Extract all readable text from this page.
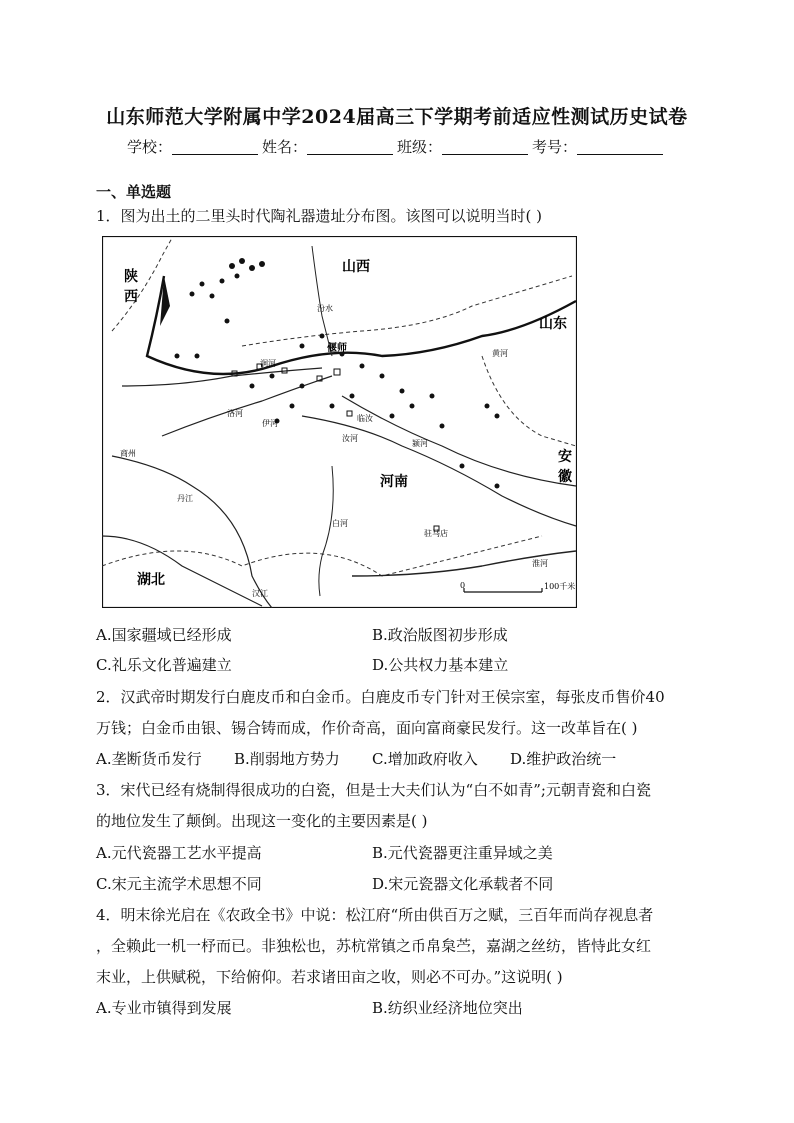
山东师范大学附属中学2024届高三下学期考前适应性测试历史试卷
学校：	姓名：	班级：	考号：
一、单选题
1．图为出土的二里头时代陶礼器遗址分布图。该图可以说明当时( )
陕
西
山西
山东
河南
安
徽
湖北
偃师
临汝
驻马店
洛河
伊河
黄河
汾水
颍河
汝河
淮河
丹江
汉江
白河
商州
涧河
0	100千米
A.国家疆域已经形成	B.政治版图初步形成
C.礼乐文化普遍建立	D.公共权力基本建立
2．汉武帝时期发行白鹿皮币和白金币。白鹿皮币专门针对王侯宗室，每张皮币售价40
万钱；白金币由银、锡合铸而成，作价奇高，面向富商豪民发行。这一改革旨在( )
A.垄断货币发行 B.削弱地方势力 C.增加政府收入 D.维护政治统一
3．宋代已经有烧制得很成功的白瓷，但是士大夫们认为“白不如青”;元朝青瓷和白瓷
的地位发生了颠倒。出现这一变化的主要因素是( )
A.元代瓷器工艺水平提高	B.元代瓷器更注重异域之美
C.宋元主流学术思想不同	D.宋元瓷器文化承载者不同
4．明末徐光启在《农政全书》中说：松江府“所由供百万之赋，三百年而尚存视息者
，全赖此一机一杼而已。非独松也，苏杭常镇之币帛枲苎，嘉湖之丝纺，皆恃此女红
末业，上供赋税，下给俯仰。若求诸田亩之收，则必不可办。”这说明( )
A.专业市镇得到发展	B.纺织业经济地位突出
